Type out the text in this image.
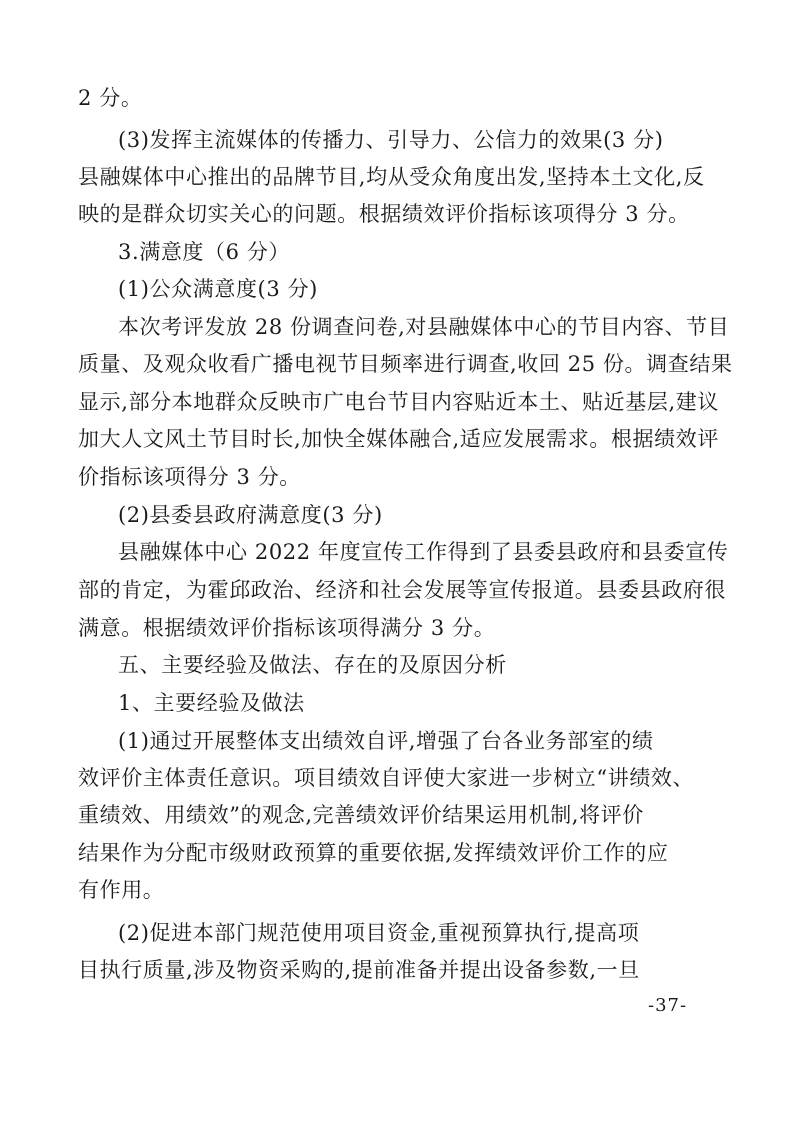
2 分。
(3)发挥主流媒体的传播力、引导力、公信力的效果(3 分)
县融媒体中心推出的品牌节目,均从受众角度出发,坚持本土文化,反
映的是群众切实关心的问题。根据绩效评价指标该项得分 3 分。
3.满意度（6 分）
(1)公众满意度(3 分)
本次考评发放 28 份调查问卷,对县融媒体中心的节目内容、节目
质量、及观众收看广播电视节目频率进行调查,收回 25 份。调查结果
显示,部分本地群众反映市广电台节目内容贴近本土、贴近基层,建议
加大人文风土节目时长,加快全媒体融合,适应发展需求。根据绩效评
价指标该项得分 3 分。
(2)县委县政府满意度(3 分)
县融媒体中心 2022 年度宣传工作得到了县委县政府和县委宣传
部的肯定，为霍邱政治、经济和社会发展等宣传报道。县委县政府很
满意。根据绩效评价指标该项得满分 3 分。
五、主要经验及做法、存在的及原因分析
1、主要经验及做法
(1)通过开展整体支出绩效自评,增强了台各业务部室的绩
效评价主体责任意识。项目绩效自评使大家进一步树立“讲绩效、
重绩效、用绩效”的观念,完善绩效评价结果运用机制,将评价
结果作为分配市级财政预算的重要依据,发挥绩效评价工作的应
有作用。
(2)促进本部门规范使用项目资金,重视预算执行,提高项
目执行质量,涉及物资采购的,提前准备并提出设备参数,一旦
-37-
